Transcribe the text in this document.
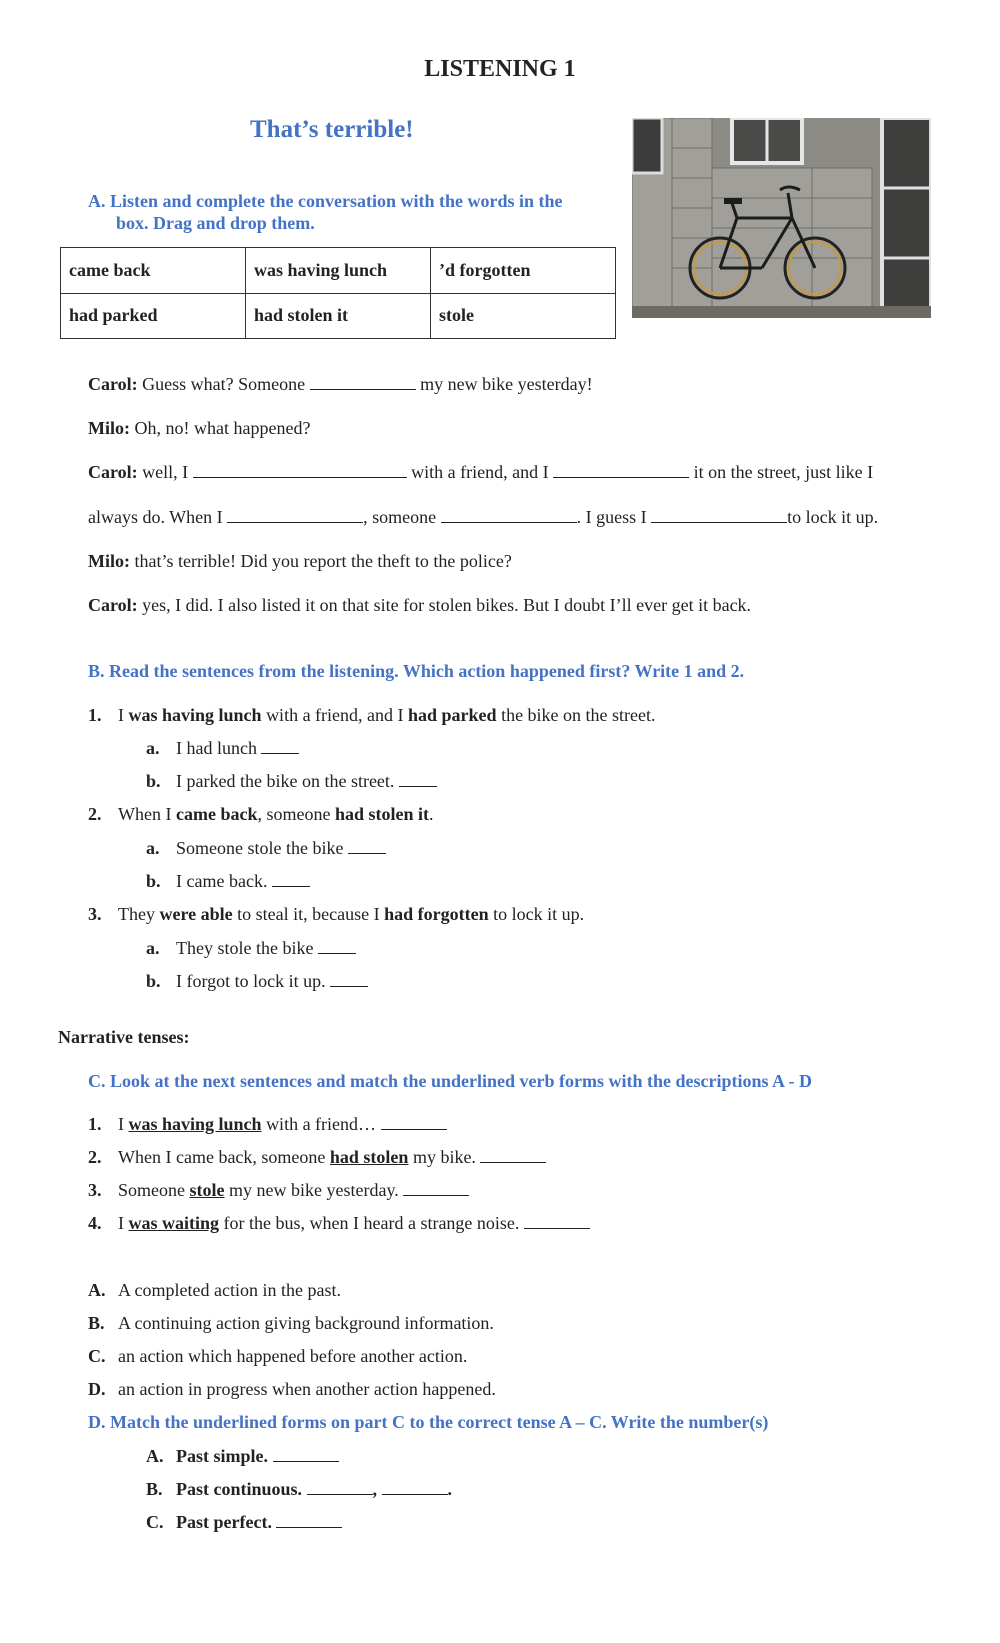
LISTENING 1
That’s terrible!
A. Listen and complete the conversation with the words in the
box. Drag and drop them.
came back	was having lunch	’d forgotten
had parked	had stolen it	stole
Carol: Guess what? Someone	my new bike yesterday!
Milo: Oh, no! what happened?
Carol: well, I	with a friend, and I	it on the street, just like I
always do. When I	, someone	. I guess I	to lock it up.
Milo: that’s terrible! Did you report the theft to the police?
Carol: yes, I did. I also listed it on that site for stolen bikes. But I doubt I’ll ever get it back.
B. Read the sentences from the listening. Which action happened first? Write 1 and 2.
1. I was having lunch with a friend, and I had parked the bike on the street.
a. I had lunch
b. I parked the bike on the street.
2. When I came back, someone had stolen it.
a. Someone stole the bike
b. I came back.
3. They were able to steal it, because I had forgotten to lock it up.
a. They stole the bike
b. I forgot to lock it up.
Narrative tenses:
C. Look at the next sentences and match the underlined verb forms with the descriptions A - D
1. I was having lunch with a friend…
2. When I came back, someone had stolen my bike.
3. Someone stole my new bike yesterday.
4. I was waiting for the bus, when I heard a strange noise.
A. A completed action in the past.
B. A continuing action giving background information.
C. an action which happened before another action.
D. an action in progress when another action happened.
D. Match the underlined forms on part C to the correct tense A – C. Write the number(s)
A. Past simple.
B. Past continuous.	,	.
C. Past perfect.
